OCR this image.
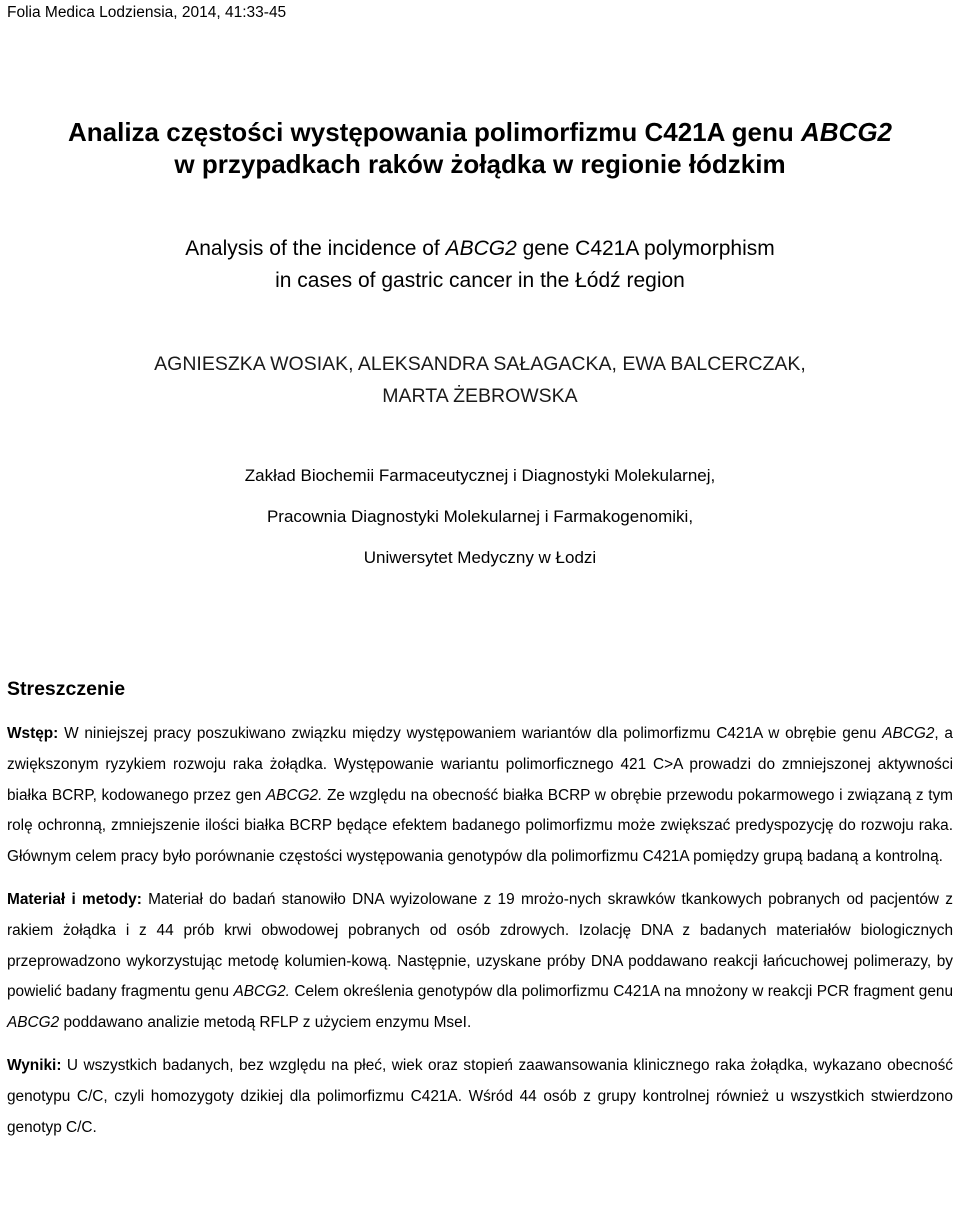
Folia Medica Lodziensia, 2014, 41:33-45
Analiza częstości występowania polimorfizmu C421A genu ABCG2
w przypadkach raków żołądka w regionie łódzkim
Analysis of the incidence of ABCG2 gene C421A polymorphism
in cases of gastric cancer in the Łódź region
AGNIESZKA WOSIAK, ALEKSANDRA SAŁAGACKA, EWA BALCERCZAK,
MARTA ŻEBROWSKA
Zakład Biochemii Farmaceutycznej i Diagnostyki Molekularnej,
Pracownia Diagnostyki Molekularnej i Farmakogenomiki,
Uniwersytet Medyczny w Łodzi
Streszczenie

Wstęp: W niniejszej pracy poszukiwano związku między występowaniem wariantów dla polimorfizmu C421A w obrębie genu ABCG2, a zwiększonym ryzykiem rozwoju raka żołądka. Występowanie wariantu polimorficznego 421 C>A prowadzi do zmniejszonej aktywności białka BCRP, kodowanego przez gen ABCG2. Ze względu na obecność białka BCRP w obrębie przewodu pokarmowego i związaną z tym rolę ochronną, zmniejszenie ilości białka BCRP będące efektem badanego polimorfizmu może zwiększać predyspozycję do rozwoju raka. Głównym celem pracy było porównanie częstości występowania genotypów dla polimorfizmu C421A pomiędzy grupą badaną a kontrolną.

Materiał i metody: Materiał do badań stanowiło DNA wyizolowane z 19 mrożo-nych skrawków tkankowych pobranych od pacjentów z rakiem żołądka i z 44 prób krwi obwodowej pobranych od osób zdrowych. Izolację DNA z badanych materiałów biologicznych przeprowadzono wykorzystując metodę kolumien-kową. Następnie, uzyskane próby DNA poddawano reakcji łańcuchowej polimerazy, by powielić badany fragmentu genu ABCG2. Celem określenia genotypów dla polimorfizmu C421A na mnożony w reakcji PCR fragment genu ABCG2 poddawano analizie metodą RFLP z użyciem enzymu MseI.

Wyniki: U wszystkich badanych, bez względu na płeć, wiek oraz stopień zaawansowania klinicznego raka żołądka, wykazano obecność genotypu C/C, czyli homozygoty dzikiej dla polimorfizmu C421A. Wśród 44 osób z grupy kontrolnej również u wszystkich stwierdzono genotyp C/C.
